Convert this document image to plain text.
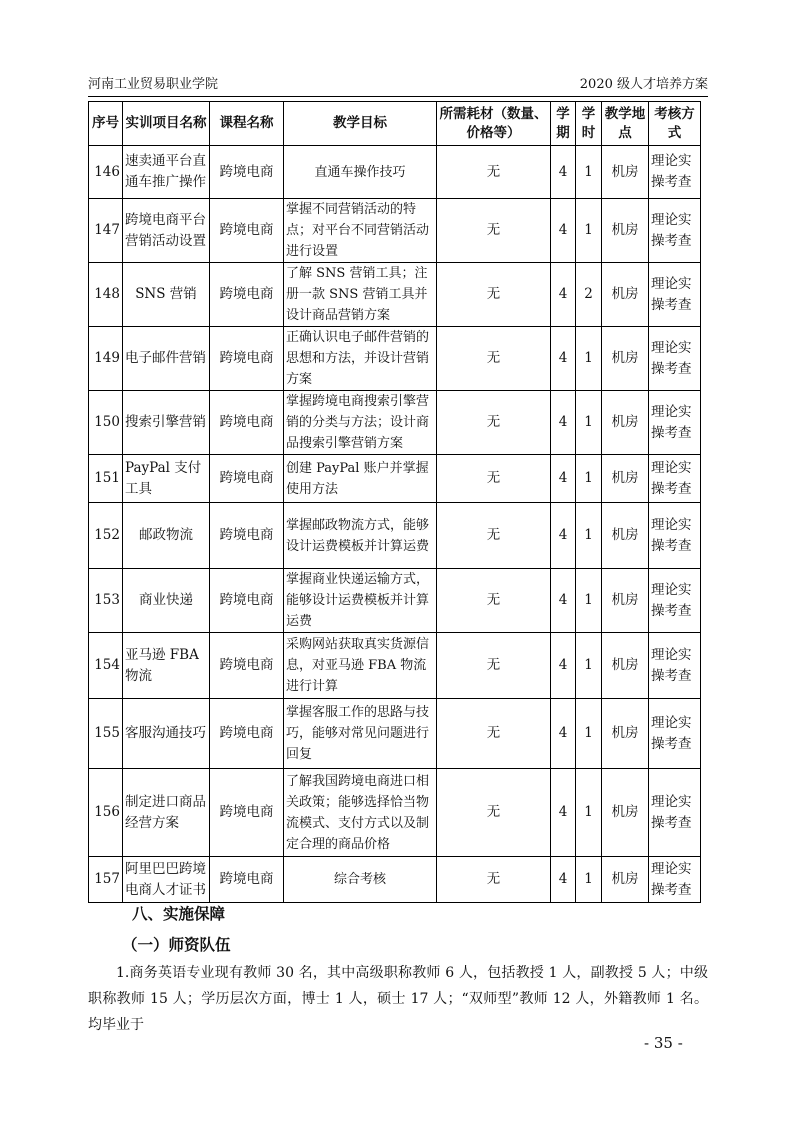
河南工业贸易职业学院	2020 级人才培养方案
序号	实训项目名称	课程名称	教学目标	所需耗材（数量、价格等）	学期	学时	教学地点	考核方式
146	速卖通平台直通车推广操作	跨境电商	直通车操作技巧	无	4	1	机房	理论实操考查
147	跨境电商平台营销活动设置	跨境电商	掌握不同营销活动的特点；对平台不同营销活动进行设置	无	4	1	机房	理论实操考查
148	SNS 营销	跨境电商	了解 SNS 营销工具；注册一款 SNS 营销工具并设计商品营销方案	无	4	2	机房	理论实操考查
149	电子邮件营销	跨境电商	正确认识电子邮件营销的思想和方法，并设计营销方案	无	4	1	机房	理论实操考查
150	搜索引擎营销	跨境电商	掌握跨境电商搜索引擎营销的分类与方法；设计商品搜索引擎营销方案	无	4	1	机房	理论实操考查
151	PayPal 支付工具	跨境电商	创建 PayPal 账户并掌握使用方法	无	4	1	机房	理论实操考查
152	邮政物流	跨境电商	掌握邮政物流方式，能够设计运费模板并计算运费	无	4	1	机房	理论实操考查
153	商业快递	跨境电商	掌握商业快递运输方式，能够设计运费模板并计算运费	无	4	1	机房	理论实操考查
154	亚马逊 FBA 物流	跨境电商	采购网站获取真实货源信息，对亚马逊 FBA 物流进行计算	无	4	1	机房	理论实操考查
155	客服沟通技巧	跨境电商	掌握客服工作的思路与技巧，能够对常见问题进行回复	无	4	1	机房	理论实操考查
156	制定进口商品经营方案	跨境电商	了解我国跨境电商进口相关政策；能够选择恰当物流模式、支付方式以及制定合理的商品价格	无	4	1	机房	理论实操考查
157	阿里巴巴跨境电商人才证书	跨境电商	综合考核	无	4	1	机房	理论实操考查
八、实施保障
（一）师资队伍
1.商务英语专业现有教师 30 名，其中高级职称教师 6 人，包括教授 1 人，副教授 5 人；中级职称教师 15 人；学历层次方面，博士 1 人，硕士 17 人；“双师型”教师 12 人，外籍教师 1 名。均毕业于
- 35 -
